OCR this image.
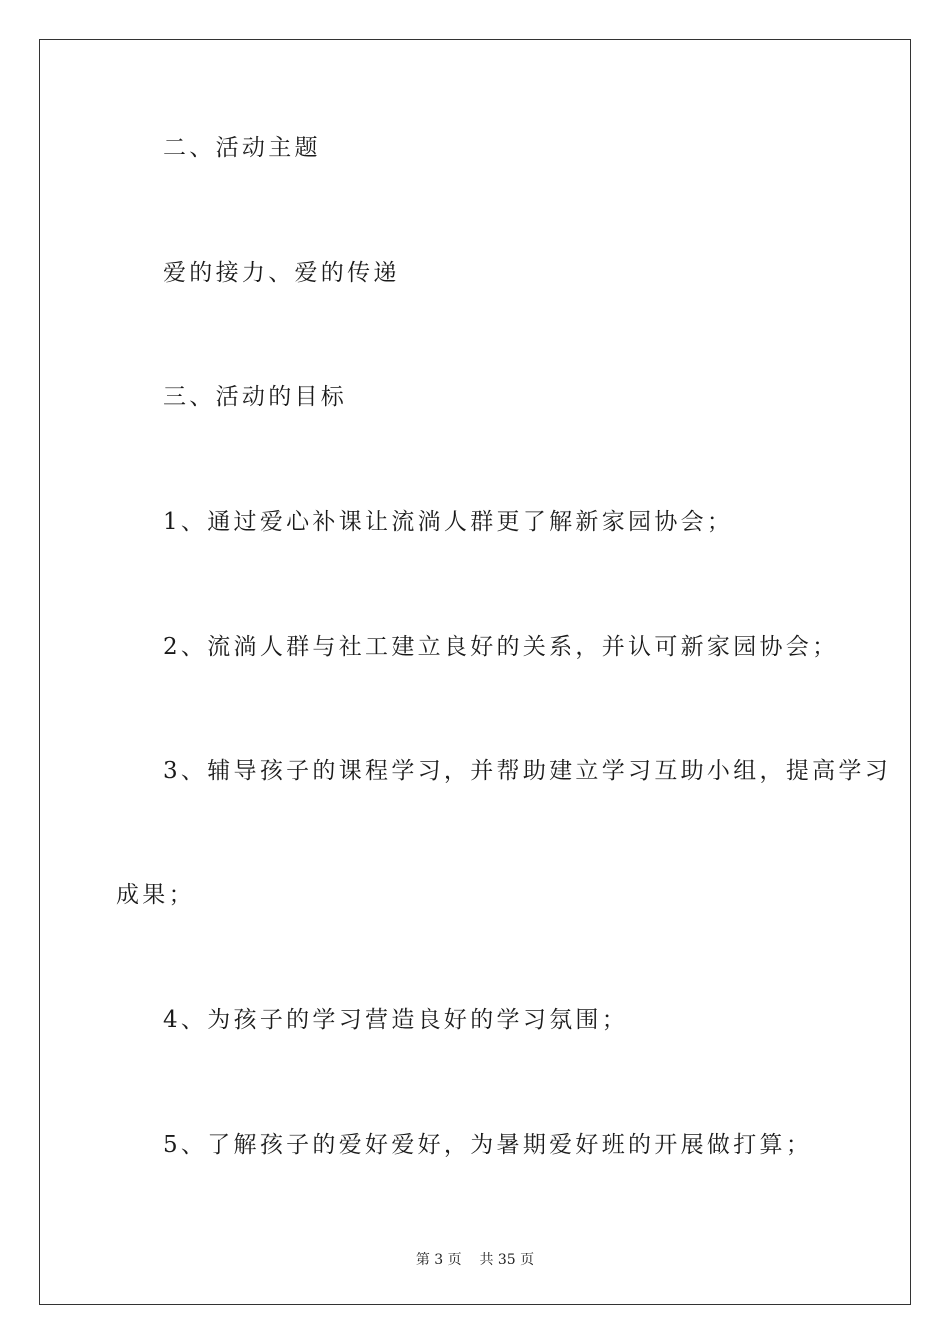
二、活动主题
爱的接力、爱的传递
三、活动的目标
1、通过爱心补课让流淌人群更了解新家园协会；
2、流淌人群与社工建立良好的关系，并认可新家园协会；
3、辅导孩子的课程学习，并帮助建立学习互助小组，提高学习
成果；
4、为孩子的学习营造良好的学习氛围；
5、了解孩子的爱好爱好，为暑期爱好班的开展做打算；
第 3 页 共 35 页
